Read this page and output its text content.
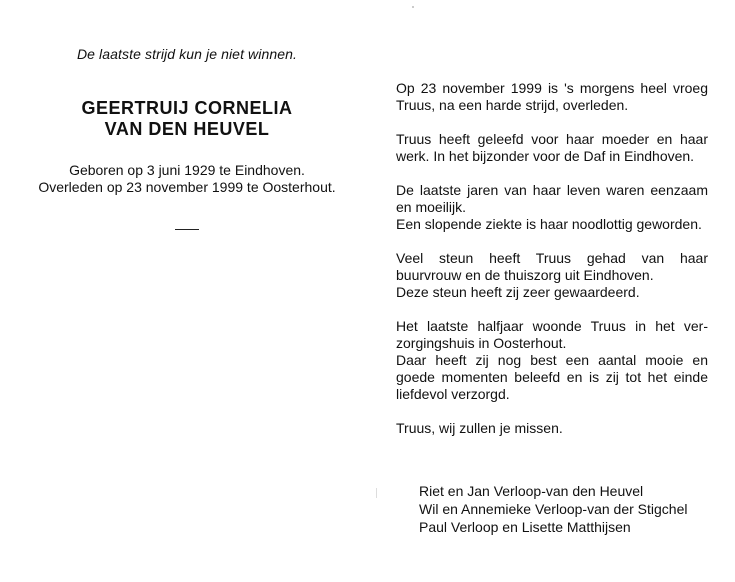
De laatste strijd kun je niet winnen.
GEERTRUIJ CORNELIA
VAN DEN HEUVEL
Geboren op 3 juni 1929 te Eindhoven.
Overleden op 23 november 1999 te Oosterhout.
Op 23 november 1999 is 's morgens heel vroeg
Truus, na een harde strijd, overleden.
Truus heeft geleefd voor haar moeder en haar
werk. In het bijzonder voor de Daf in Eindhoven.
De laatste jaren van haar leven waren eenzaam
en moeilijk.
Een slopende ziekte is haar noodlottig geworden.
Veel steun heeft Truus gehad van haar
buurvrouw en de thuiszorg uit Eindhoven.
Deze steun heeft zij zeer gewaardeerd.
Het laatste halfjaar woonde Truus in het ver-
zorgingshuis in Oosterhout.
Daar heeft zij nog best een aantal mooie en
goede momenten beleefd en is zij tot het einde
liefdevol verzorgd.
Truus, wij zullen je missen.
Riet en Jan Verloop-van den Heuvel
Wil en Annemieke Verloop-van der Stigchel
Paul Verloop en Lisette Matthijsen
